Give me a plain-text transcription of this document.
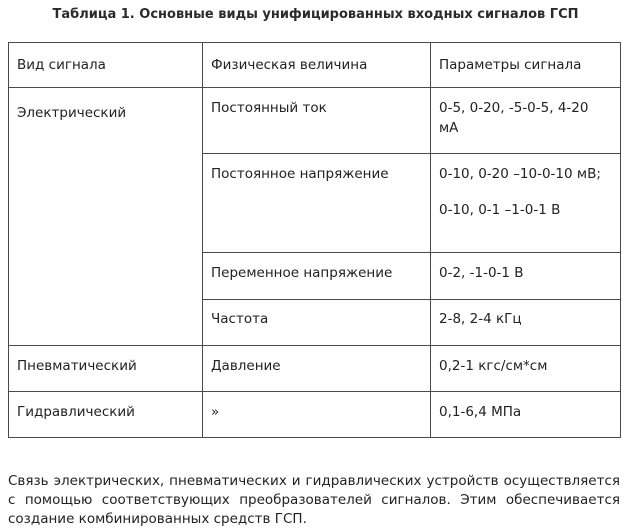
Таблица 1. Основные виды унифицированных входных сигналов ГСП
Вид сигнала	Физическая величина	Параметры сигнала
Электрический	Постоянный ток	0-5, 0-20, -5-0-5, 4-20 мА

	Постоянное напряжение	0-10, 0-20 –10-0-10 мВ;
0-10, 0-1 –1-0-1 В

	Переменное напряжение	0-2, -1-0-1 В

	Частота	2-8, 2-4 кГц

Пневматический	Давление	0,2-1 кгс/см*см

Гидравлический	»	0,1-6,4 МПа

Связь электрических, пневматических и гидравлических устройств осуществляется с помощью соответствующих преобразователей сигналов. Этим обеспечивается создание комбинированных средств ГСП.
